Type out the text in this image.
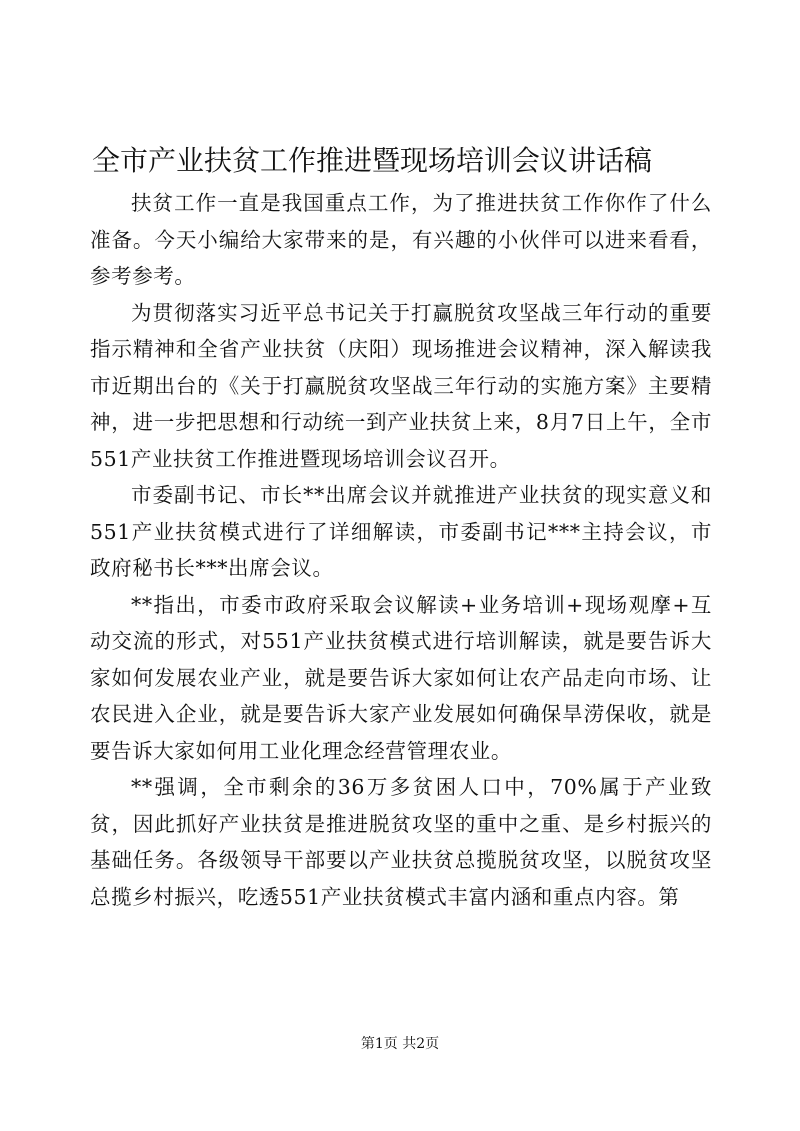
全市产业扶贫工作推进暨现场培训会议讲话稿

扶贫工作一直是我国重点工作，为了推进扶贫工作你作了什么准备。今天小编给大家带来的是，有兴趣的小伙伴可以进来看看，参考参考。

为贯彻落实习近平总书记关于打赢脱贫攻坚战三年行动的重要指示精神和全省产业扶贫（庆阳）现场推进会议精神，深入解读我市近期出台的《关于打赢脱贫攻坚战三年行动的实施方案》主要精神，进一步把思想和行动统一到产业扶贫上来，8月7日上午，全市551产业扶贫工作推进暨现场培训会议召开。

市委副书记、市长**出席会议并就推进产业扶贫的现实意义和551产业扶贫模式进行了详细解读，市委副书记***主持会议，市政府秘书长***出席会议。

**指出，市委市政府采取会议解读+业务培训+现场观摩+互动交流的形式，对551产业扶贫模式进行培训解读，就是要告诉大家如何发展农业产业，就是要告诉大家如何让农产品走向市场、让农民进入企业，就是要告诉大家产业发展如何确保旱涝保收，就是要告诉大家如何用工业化理念经营管理农业。

**强调，全市剩余的36万多贫困人口中，70%属于产业致贫，因此抓好产业扶贫是推进脱贫攻坚的重中之重、是乡村振兴的基础任务。各级领导干部要以产业扶贫总揽脱贫攻坚，以脱贫攻坚总揽乡村振兴，吃透551产业扶贫模式丰富内涵和重点内容。第

第1页 共2页
